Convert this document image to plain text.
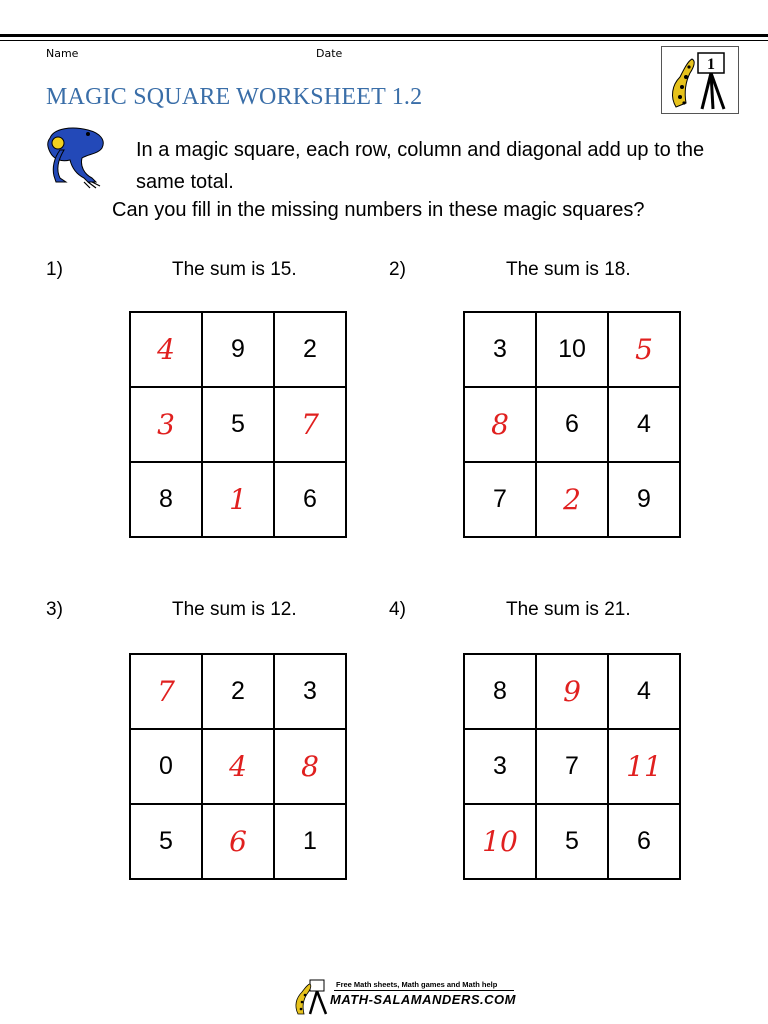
Name	Date
MAGIC SQUARE WORKSHEET 1.2
1
In a magic square, each row, column and diagonal add up to the same total.
Can you fill in the missing numbers in these magic squares?
1)	The sum is 15.
4	9	2
3	5	7
8	1	6
2)	The sum is 18.
3	10	5
8	6	4
7	2	9
3)	The sum is 12.
7	2	3
0	4	8
5	6	1
4)	The sum is 21.
8	9	4
3	7	11
10	5	6
Free Math sheets, Math games and Math help
MATH-SALAMANDERS.COM
